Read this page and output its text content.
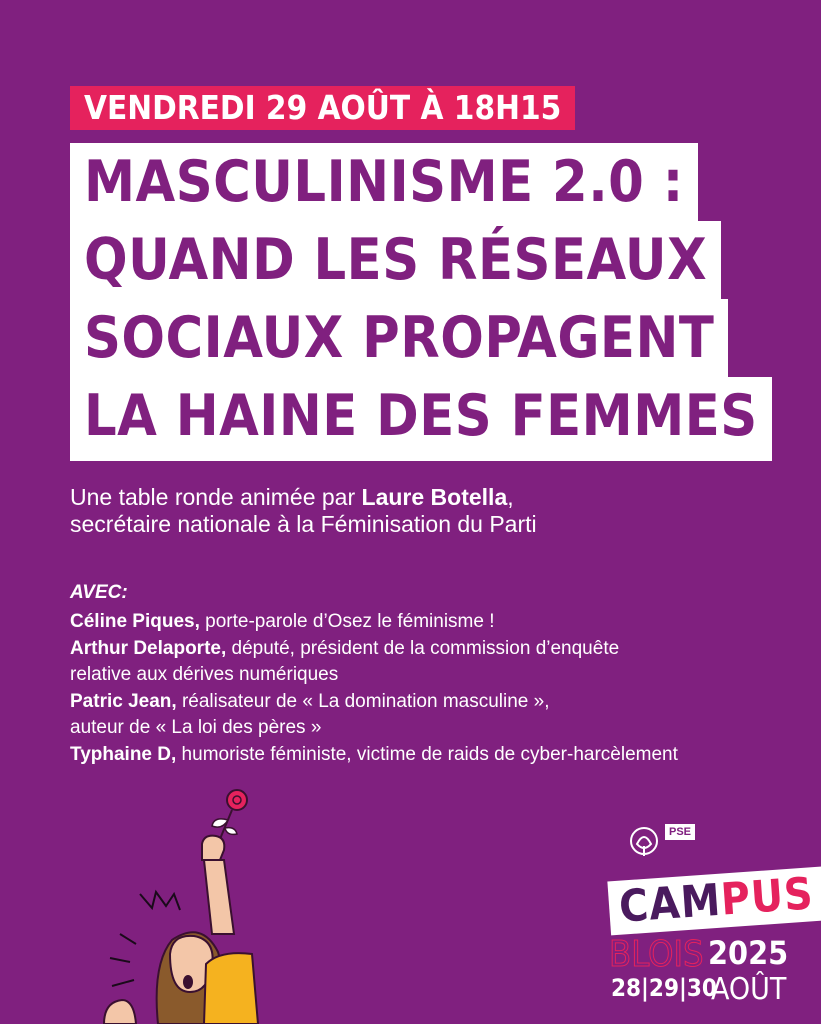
VENDREDI 29 AOÛT À 18H15
MASCULINISME 2.0 :
QUAND LES RÉSEAUX
SOCIAUX PROPAGENT
LA HAINE DES FEMMES
Une table ronde animée par Laure Botella,
secrétaire nationale à la Féminisation du Parti
AVEC:
Céline Piques, porte-parole d’Osez le féminisme !
Arthur Delaporte, député, président de la commission d’enquête
relative aux dérives numériques
Patric Jean, réalisateur de « La domination masculine »,
auteur de « La loi des pères »
Typhaine D, humoriste féministe, victime de raids de cyber-harcèlement
PSE
CAMPUS
BLOIS 2025
28|29|30
AOÛT
